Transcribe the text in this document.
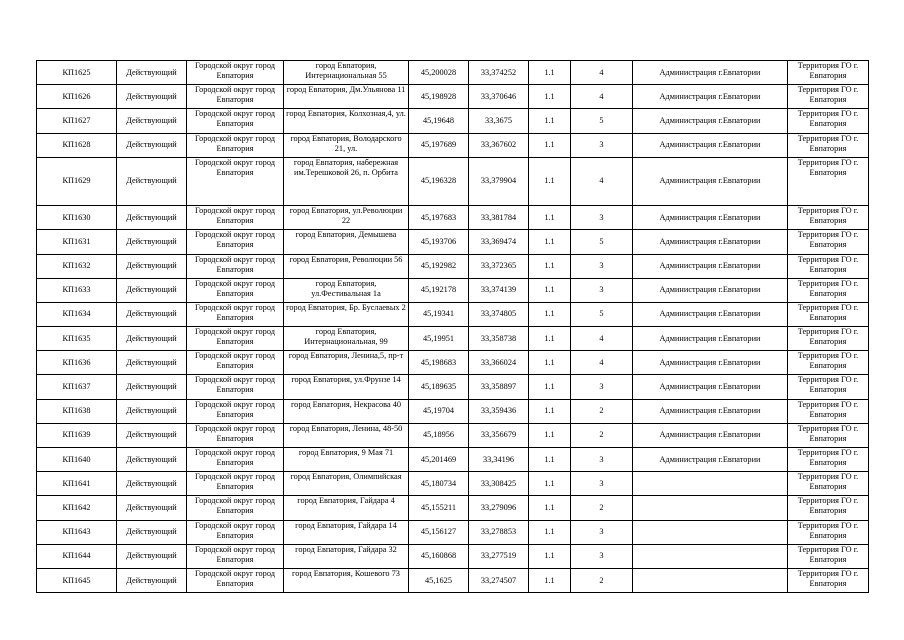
КП1625	Действующий	Городской округ город Евпатория	город Евпатория, Интернациональная 55	45,200028	33,374252	1.1	4	Администрация г.Евпатории	Территория ГО г. Евпатория
КП1626	Действующий	Городской округ город Евпатория	город Евпатория, Дм.Ульянова 11	45,198928	33,370646	1.1	4	Администрация г.Евпатории	Территория ГО г. Евпатория
КП1627	Действующий	Городской округ город Евпатория	город Евпатория, Колхозная,4, ул.	45,19648	33,3675	1.1	5	Администрация г.Евпатории	Территория ГО г. Евпатория
КП1628	Действующий	Городской округ город Евпатория	город Евпатория, Володарского 21, ул.	45,197689	33,367602	1.1	3	Администрация г.Евпатории	Территория ГО г. Евпатория
КП1629	Действующий	Городской округ город Евпатория	город Евпатория, набережная им.Терешковой 26, п. Орбита	45,196328	33,379904	1.1	4	Администрация г.Евпатории	Территория ГО г. Евпатория
КП1630	Действующий	Городской округ город Евпатория	город Евпатория, ул.Революции 22	45,197683	33,381784	1.1	3	Администрация г.Евпатории	Территория ГО г. Евпатория
КП1631	Действующий	Городской округ город Евпатория	город Евпатория, Демышева	45,193706	33,369474	1.1	5	Администрация г.Евпатории	Территория ГО г. Евпатория
КП1632	Действующий	Городской округ город Евпатория	город Евпатория, Революции 56	45,192982	33,372365	1.1	3	Администрация г.Евпатории	Территория ГО г. Евпатория
КП1633	Действующий	Городской округ город Евпатория	город Евпатория, ул.Фестивальная 1а	45,192178	33,374139	1.1	3	Администрация г.Евпатории	Территория ГО г. Евпатория
КП1634	Действующий	Городской округ город Евпатория	город Евпатория, Бр. Буслаевых 2	45,19341	33,374805	1.1	5	Администрация г.Евпатории	Территория ГО г. Евпатория
КП1635	Действующий	Городской округ город Евпатория	город Евпатория, Интернациональная, 99	45,19951	33,358738	1.1	4	Администрация г.Евпатории	Территория ГО г. Евпатория
КП1636	Действующий	Городской округ город Евпатория	город Евпатория, Ленина,5, пр-т	45,198683	33,366024	1.1	4	Администрация г.Евпатории	Территория ГО г. Евпатория
КП1637	Действующий	Городской округ город Евпатория	город Евпатория, ул.Фрунзе 14	45,189635	33,358897	1.1	3	Администрация г.Евпатории	Территория ГО г. Евпатория
КП1638	Действующий	Городской округ город Евпатория	город Евпатория, Некрасова 40	45,19704	33,359436	1.1	2	Администрация г.Евпатории	Территория ГО г. Евпатория
КП1639	Действующий	Городской округ город Евпатория	город Евпатория, Ленина, 48-50	45,18956	33,356679	1.1	2	Администрация г.Евпатории	Территория ГО г. Евпатория
КП1640	Действующий	Городской округ город Евпатория	город Евпатория, 9 Мая 71	45,201469	33,34196	1.1	3	Администрация г.Евпатории	Территория ГО г. Евпатория
КП1641	Действующий	Городской округ город Евпатория	город Евпатория, Олимпийская	45,180734	33,308425	1.1	3		Территория ГО г. Евпатория
КП1642	Действующий	Городской округ город Евпатория	город Евпатория, Гайдара 4	45,155211	33,279096	1.1	2		Территория ГО г. Евпатория
КП1643	Действующий	Городской округ город Евпатория	город Евпатория, Гайдара 14	45,156127	33,278853	1.1	3		Территория ГО г. Евпатория
КП1644	Действующий	Городской округ город Евпатория	город Евпатория, Гайдара 32	45,160868	33,277519	1.1	3		Территория ГО г. Евпатория
КП1645	Действующий	Городской округ город Евпатория	город Евпатория, Кошевого 73	45,1625	33,274507	1.1	2		Территория ГО г. Евпатория
